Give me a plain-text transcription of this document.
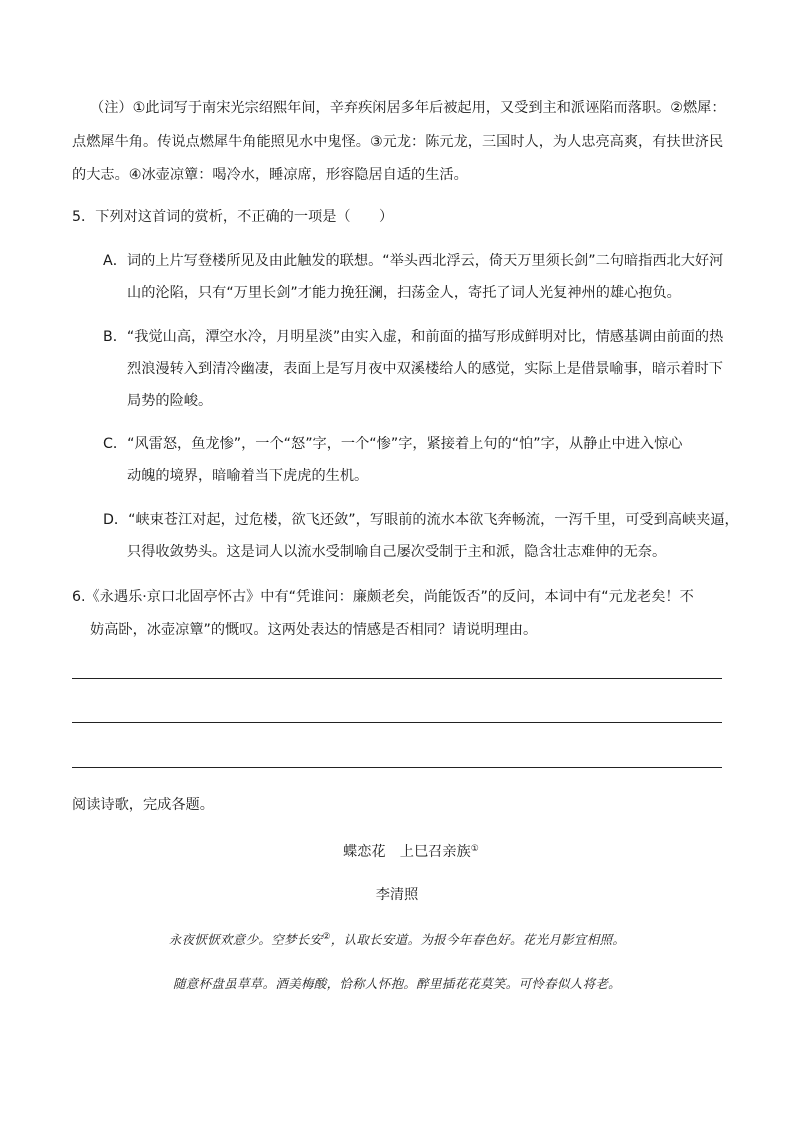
（注）①此词写于南宋光宗绍熙年间，辛弃疾闲居多年后被起用，又受到主和派诬陷而落职。②燃犀：
点燃犀牛角。传说点燃犀牛角能照见水中鬼怪。③元龙：陈元龙，三国时人，为人忠亮高爽，有扶世济民
的大志。④冰壶凉簟：喝冷水，睡凉席，形容隐居自适的生活。
5．下列对这首词的赏析，不正确的一项是（　　）
A．词的上片写登楼所见及由此触发的联想。“举头西北浮云，倚天万里须长剑”二句暗指西北大好河
山的沦陷，只有“万里长剑”才能力挽狂澜，扫荡金人，寄托了词人光复神州的雄心抱负。
B．“我觉山高，潭空水冷，月明星淡”由实入虚，和前面的描写形成鲜明对比，情感基调由前面的热
烈浪漫转入到清冷幽凄，表面上是写月夜中双溪楼给人的感觉，实际上是借景喻事，暗示着时下
局势的险峻。
C．“风雷怒，鱼龙惨”，一个“怒”字，一个“惨”字，紧接着上句的“怕”字，从静止中进入惊心
动魄的境界，暗喻着当下虎虎的生机。
D．“峡束苍江对起，过危楼，欲飞还敛”，写眼前的流水本欲飞奔畅流，一泻千里，可受到高峡夹逼，
只得收敛势头。这是词人以流水受制喻自己屡次受制于主和派，隐含壮志难伸的无奈。
6.《永遇乐·京口北固亭怀古》中有“凭谁问：廉颇老矣，尚能饭否”的反问，本词中有“元龙老矣！不
妨高卧，冰壶凉簟”的慨叹。这两处表达的情感是否相同？请说明理由。
阅读诗歌，完成各题。
蝶恋花　上巳召亲族①
李清照
永夜恹恹欢意少。空梦长安②，认取长安道。为报今年春色好。花光月影宜相照。
随意杯盘虽草草。酒美梅酸，恰称人怀抱。醉里插花花莫笑。可怜春似人将老。
